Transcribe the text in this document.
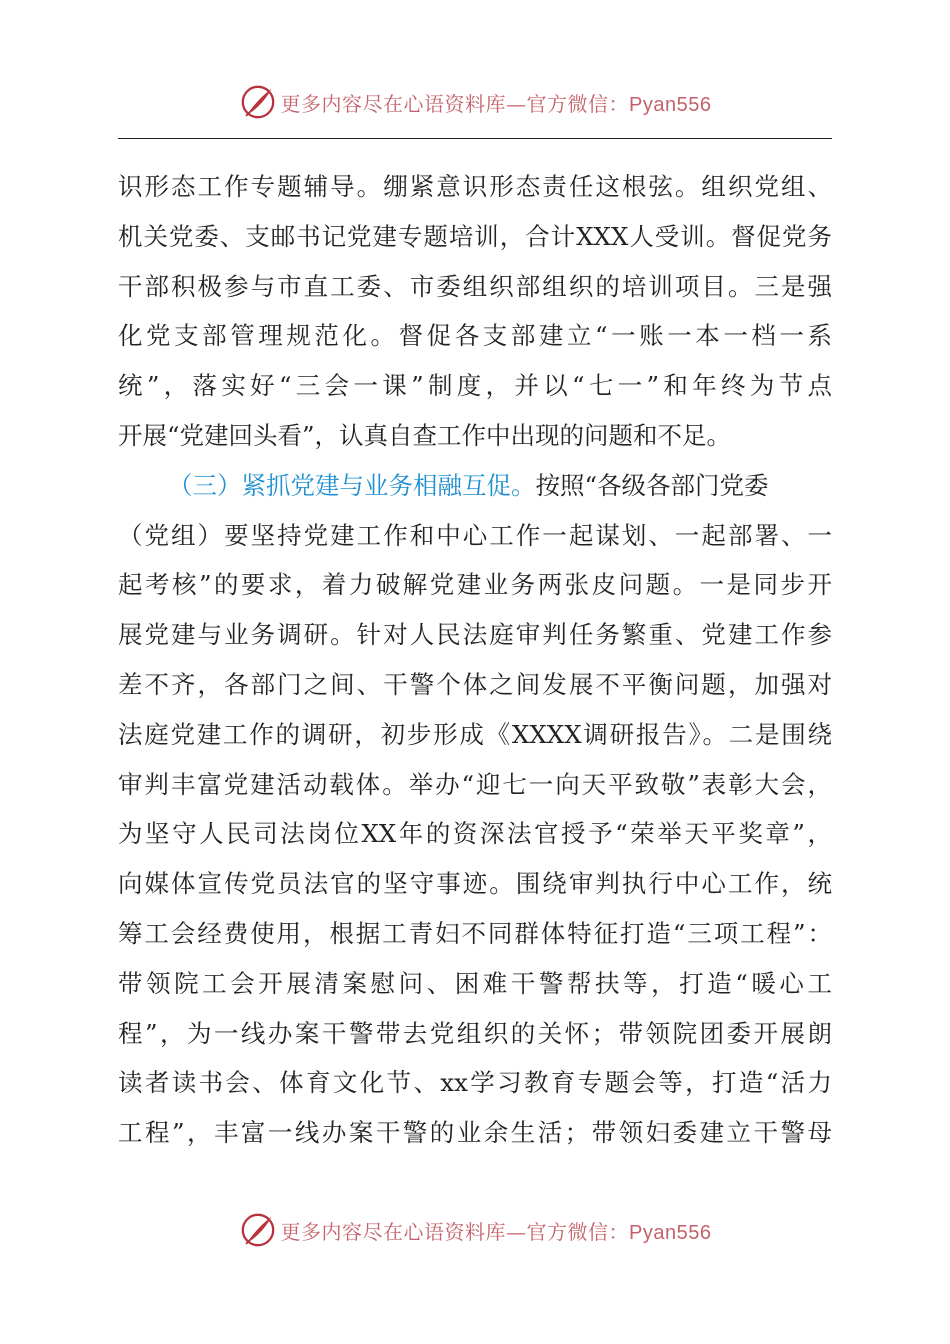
更多内容尽在心语资料库—官方微信：Pyan556
识形态工作专题辅导。绷紧意识形态责任这根弦。组织党组、
机关党委、支邮书记党建专题培训，合计XXX人受训。督促党务
干部积极参与市直工委、市委组织部组织的培训项目。三是强
化党支部管理规范化。督促各支部建立“一账一本一档一系
统”，落实好“三会一课”制度，并以“七一”和年终为节点
开展“党建回头看”，认真自查工作中出现的问题和不足。
（三）紧抓党建与业务相融互促。按照“各级各部门党委
（党组）要坚持党建工作和中心工作一起谋划、一起部署、一
起考核”的要求，着力破解党建业务两张皮问题。一是同步开
展党建与业务调研。针对人民法庭审判任务繁重、党建工作参
差不齐，各部门之间、干警个体之间发展不平衡问题，加强对
法庭党建工作的调研，初步形成《XXXX调研报告》。二是围绕
审判丰富党建活动载体。举办“迎七一向天平致敬”表彰大会，
为坚守人民司法岗位XX年的资深法官授予“荣举天平奖章”，
向媒体宣传党员法官的坚守事迹。围绕审判执行中心工作，统
筹工会经费使用，根据工青妇不同群体特征打造“三项工程”：
带领院工会开展清案慰问、困难干警帮扶等，打造“暖心工
程”，为一线办案干警带去党组织的关怀；带领院团委开展朗
读者读书会、体育文化节、xx学习教育专题会等，打造“活力
工程”，丰富一线办案干警的业余生活；带领妇委建立干警母
更多内容尽在心语资料库—官方微信：Pyan556
